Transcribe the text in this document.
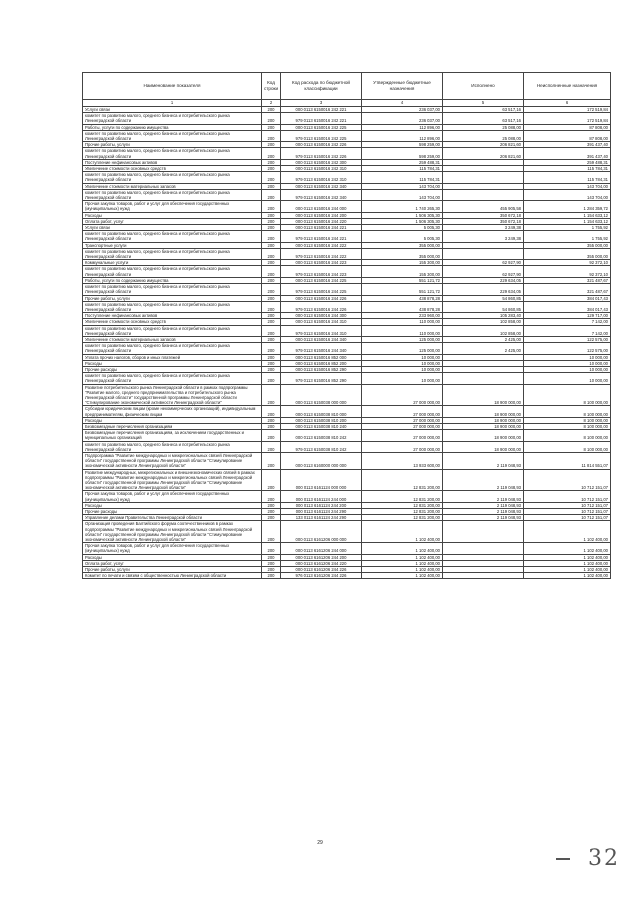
Наименование показателя	Код строки	Код расхода по бюджетной классификации	Утвержденные бюджетные назначения	Исполнено	Неисполненные назначения
1	2	3	4	5	6
Услуги связи	200	000 0113 6150016 242 221	236 037,00	63 517,16	172 519,84
комитет по развитию малого, среднего бизнеса и потребительского рынка Ленинградской области	200	979 0113 6150016 242 221	236 037,00	63 517,16	172 519,84
Работы, услуги по содержанию имущества	200	000 0113 6150016 242 225	112 896,00	25 088,00	87 808,00
комитет по развитию малого, среднего бизнеса и потребительского рынка Ленинградской области	200	979 0113 6150016 242 225	112 896,00	25 088,00	87 808,00
Прочие работы, услуги	200	000 0113 6150016 242 226	598 259,00	206 821,60	391 437,40
комитет по развитию малого, среднего бизнеса и потребительского рынка Ленинградской области	200	979 0113 6150016 242 226	598 259,00	206 821,60	391 437,40
Поступление нефинансовых активов	200	000 0113 6150016 242 300	259 488,31		259 488,31
Увеличение стоимости основных средств	200	000 0113 6150016 242 310	115 784,31		115 784,31
комитет по развитию малого, среднего бизнеса и потребительского рынка Ленинградской области	200	979 0113 6150016 242 310	115 784,31		115 784,31
Увеличение стоимости материальных запасов	200	000 0113 6150016 242 340	143 704,00		143 704,00
комитет по развитию малого, среднего бизнеса и потребительского рынка Ленинградской области	200	979 0113 6150016 242 340	143 704,00		143 704,00
Прочая закупка товаров, работ и услуг для обеспечения государственных (муниципальных) нужд	200	000 0113 6150016 244 000	1 740 265,30	455 905,58	1 284 359,72
Расходы	200	000 0113 6150016 244 200	1 506 305,30	350 672,18	1 154 633,12
Оплата работ, услуг	200	000 0113 6150016 244 220	1 506 305,30	350 672,18	1 154 633,12
Услуги связи	200	000 0113 6150016 244 221	5 005,30	3 249,38	1 755,92
комитет по развитию малого, среднего бизнеса и потребительского рынка Ленинградской области	200	979 0113 6150016 244 221	5 005,30	3 249,38	1 755,92
Транспортные услуги	200	000 0113 6150016 244 222	355 000,00		355 000,00
комитет по развитию малого, среднего бизнеса и потребительского рынка Ленинградской области	200	979 0113 6150016 244 222	355 000,00		355 000,00
Коммунальные услуги	200	000 0113 6150016 244 223	155 300,00	62 927,90	92 372,10
комитет по развитию малого, среднего бизнеса и потребительского рынка Ленинградской области	200	979 0113 6150016 244 223	155 300,00	62 927,90	92 372,10
Работы, услуги по содержанию имущества	200	000 0113 6150016 244 225	551 121,72	229 634,05	321 487,67
комитет по развитию малого, среднего бизнеса и потребительского рынка Ленинградской области	200	979 0113 6150016 244 225	551 121,72	229 634,05	321 487,67
Прочие работы, услуги	200	000 0113 6150016 244 226	438 878,28	54 860,85	384 017,43
комитет по развитию малого, среднего бизнеса и потребительского рынка Ленинградской области	200	979 0113 6150016 244 226	438 878,28	54 860,85	384 017,43
Поступление нефинансовых активов	200	000 0113 6150016 244 300	233 960,00	105 283,40	129 717,00
Увеличение стоимости основных средств	200	000 0113 6150016 244 310	110 000,00	102 858,00	7 142,00
комитет по развитию малого, среднего бизнеса и потребительского рынка Ленинградской области	200	979 0113 6150016 244 310	110 000,00	102 858,00	7 142,00
Увеличение стоимости материальных запасов	200	000 0113 6150016 244 340	125 000,00	2 425,00	122 575,00
комитет по развитию малого, среднего бизнеса и потребительского рынка Ленинградской области	200	979 0113 6150016 244 340	125 000,00	2 425,00	122 575,00
Уплата прочих налогов, сборов и иных платежей	200	000 0113 6150016 852 000	10 000,00		10 000,00
Расходы	200	000 0113 6150016 852 200	10 000,00		10 000,00
Прочие расходы	200	000 0113 6150016 852 290	10 000,00		10 000,00
комитет по развитию малого, среднего бизнеса и потребительского рынка Ленинградской области	200	979 0113 6150016 852 290	10 000,00		10 000,00
Развитие потребительского рынка Ленинградской области в рамках подпрограммы "Развитие малого, среднего предпринимательства и потребительского рынка Ленинградской области" государственной программы Ленинградской области "Стимулирование экономической активности Ленинградской области"	200	000 0113 6150038 000 000	27 000 000,00	18 900 000,00	8 100 000,00
Субсидии юридическим лицам (кроме некоммерческих организаций), индивидуальным предпринимателям, физическим лицам	200	000 0113 6150038 810 000	27 000 000,00	18 900 000,00	8 100 000,00
Расходы	200	000 0113 6150038 810 200	27 000 000,00	18 900 000,00	8 100 000,00
Безвозмездные перечисления организациям	200	000 0113 6150038 810 240	27 000 000,00	18 900 000,00	8 100 000,00
Безвозмездные перечисления организациям, за исключением государственных и муниципальных организаций	200	000 0113 6150038 810 242	27 000 000,00	18 900 000,00	8 100 000,00
комитет по развитию малого, среднего бизнеса и потребительского рынка Ленинградской области	200	979 0113 6150038 810 242	27 000 000,00	18 900 000,00	8 100 000,00
Подпрограмма "Развитие международных и межрегиональных связей Ленинградской области" государственной программы Ленинградской области "Стимулирование экономической активности Ленинградской области"	200	000 0113 6160000 000 000	13 933 600,00	2 119 048,93	11 814 551,07
Развитие международных, межрегиональных и внешнеэкономических связей в рамках подпрограммы "Развитие международных и межрегиональных связей Ленинградской области" государственной программы Ленинградской области "Стимулирование экономической активности Ленинградской области"	200	000 0113 6161124 000 000	12 831 200,00	2 119 048,93	10 712 151,07
Прочая закупка товаров, работ и услуг для обеспечения государственных (муниципальных) нужд	200	000 0113 6161124 244 000	12 831 200,00	2 119 048,93	10 712 151,07
Расходы	200	000 0113 6161124 244 200	12 831 200,00	2 119 048,93	10 712 151,07
Прочие расходы	200	000 0113 6161124 244 290	12 831 200,00	2 119 048,93	10 712 151,07
Управление делами Правительства Ленинградской области	200	133 0113 6161124 244 290	12 831 200,00	2 119 048,93	10 712 151,07
Организация проведения Балтийского форума соотечественников в рамках подпрограммы "Развитие международных и межрегиональных связей Ленинградской области" государственной программы Ленинградской области "Стимулирование экономической активности Ленинградской области"	200	000 0113 6161206 000 000	1 102 400,00		1 102 400,00
Прочая закупка товаров, работ и услуг для обеспечения государственных (муниципальных) нужд	200	000 0113 6161206 244 000	1 102 400,00		1 102 400,00
Расходы	200	000 0113 6161206 244 200	1 102 400,00		1 102 400,00
Оплата работ, услуг	200	000 0113 6161206 244 220	1 102 400,00		1 102 400,00
Прочие работы, услуги	200	000 0113 6161206 244 226	1 102 400,00		1 102 400,00
Комитет по печати и связям с общественностью Ленинградской области	200	976 0113 6161206 244 226	1 102 400,00		1 102 400,00
29
32
